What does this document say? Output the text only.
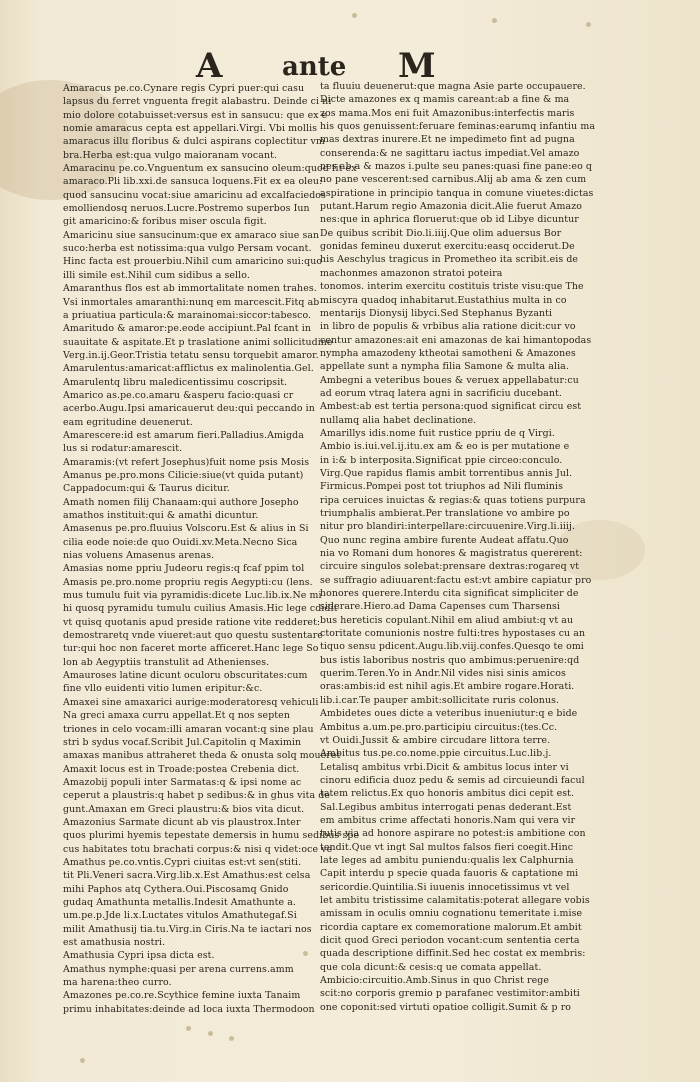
A ante M
Amaracus pe.co.Cynare regis Cypri puer:qui casu
lapsus du ferret vnguenta fregit alabastru. Deinde ci ni
mio dolore cotabuisset:versus est in sansucu: que ex e
nomie amaracus cepta est appellari.Virgi. Vbi mollis
amaracus illu floribus & dulci aspirans coplectitur vm
bra.Herba est:qua vulgo maioranam vocant.
Amaracinu pe.co.Vnguentum ex sansucino oleum:quod fit ex
amaraco.Pli lib.xxi.de sansuca loquens.Fit ex ea oleu:
quod sansucinu vocat:siue amaricinu ad excalfaciedos
emolliendosq neruos.Lucre.Postremo superbos Iun
git amaricino:& foribus miser oscula figit.
Amaricinu siue sansucinum:que ex amaraco siue san
suco:herba est notissima:qua vulgo Persam vocant.
Hinc facta est prouerbiu.Nihil cum amaricino sui:quo
illi simile est.Nihil cum sidibus a sello.
Amaranthus flos est ab immortalitate nomen trahes.
Vsi inmortales amaranthi:nunq em marcescit.Fitq ab
a priuatiua particula:& marainomai:siccor:tabesco.
Amaritudo & amaror:pe.eode accipiunt.Pal fcant in
suauitate & aspitate.Et p traslatione animi sollicitudine
Verg.in.ij.Geor.Tristia tetatu sensu torquebit amaror.
Amarulentus:amaricat:afflictus ex malinolentia.Gel.
Amarulentq libru maledicentissimu coscripsit.
Amarico as.pe.co.amaru &asperu facio:quasi cr
acerbo.Augu.Ipsi amaricauerut deu:qui peccando in
eam egritudine deuenerut.
Amarescere:id est amarum fieri.Palladius.Amigda
lus si rodatur:amarescit.
Amaramis:(vt refert Josephus)fuit nome psis Mosis
Amanus pe.pro.mons Cilicie:siue(vt quida putant)
Cappadocum:qui & Taurus dicitur.
Amath nomen filij Chanaam:qui authore Josepho
amathos instituit:qui & amathi dicuntur.
Amasenus pe.pro.fluuius Volscoru.Est & alius in Si
cilia eode noie:de quo Ouidi.xv.Meta.Necno Sica
nias voluens Amasenus arenas.
Amasias nome ppriu Judeoru regis:q fcaf ppim tol
Amasis pe.pro.nome propriu regis Aegypti:cu (lens.
mus tumulu fuit via pyramidis:dicete Luc.lib.ix.Ne mi
hi quosq pyramidu tumulu cuilius Amasis.Hic lege cdidit
vt quisq quotanis apud preside ratione vite redderet:
demostraretq vnde viueret:aut quo questu sustentare
tur:qui hoc non faceret morte afficeret.Hanc lege So
lon ab Aegyptiis transtulit ad Athenienses.
Amauroses latine dicunt oculoru obscuritates:cum
fine vllo euidenti vitio lumen eripitur:&c.
Amaxei sine amaxarici aurige:moderatoresq vehiculi
Na greci amaxa curru appellat.Et q nos septen
triones in celo vocam:illi amaran vocant:q sine plau
stri b sydus vocaf.Scribit Jul.Capitolin q Maximin
amaxas manibus attraheret theda & onusta solq moueret
Amaxit locus est in Troade:postea Crebenia dict.
Amazobij populi inter Sarmatas:q & ipsi nome ac
ceperut a plaustris:q habet p sedibus:& in ghus vita de
gunt.Amaxan em Greci plaustru:& bios vita dicut.
Amazonius Sarmate dicunt ab vis plaustrox.Inter
quos plurimi hyemis tepestate demersis in humu sedibus spe
cus habitates totu brachati corpus:& nisi q videt:oce ve
Amathus pe.co.vntis.Cypri ciuitas est:vt sen(stiti.
tit Pli.Veneri sacra.Virg.lib.x.Est Amathus:est celsa
mihi Paphos atq Cythera.Oui.Piscosamq Gnido
gudaq Amathunta metallis.Indesit Amathunte a.
um.pe.p.Jde li.x.Luctates vitulos Amathutegaf.Si
milit Amathusij tia.tu.Virg.in Ciris.Na te iactari nos
est amathusia nostri.
Amathusia Cypri ipsa dicta est.
Amathus nymphe:quasi per arena currens.amm
ma harena:theo curro.
Amazones pe.co.re.Scythice femine iuxta Tanaim
primu inhabitates:deinde ad loca iuxta Thermodoon
ta fluuiu deuenerut:que magna Asie parte occupauere.
Dicte amazones ex q mamis careant:ab a fine & ma
zos mama.Mos eni fuit Amazonibus:interfectis maris
his quos genuissent:feruare feminas:earumq infantiu ma
mas dextras inurere.Et ne impedimeto fint ad pugna
conserenda:& ne sagittaru iactus impediat.Vel amazo
nes ab a & mazos i.pulte seu panes:quasi fine pane:eo q
no pane vescerent:sed carnibus.Alij ab ama & zen cum
aspiratione in principio tanqua in comune viuetes:dictas
putant.Harum regio Amazonia dicit.Alie fuerut Amazo
nes:que in aphrica floruerut:que ob id Libye dicuntur
De quibus scribit Dio.li.iiij.Que olim aduersus Bor
gonidas femineu duxerut exercitu:easq occiderut.De
his Aeschylus tragicus in Prometheo ita scribit.eis de
machonmes amazonon stratoi poteira
tonomos. interim exercitu costituis triste visu:que The
miscyra quadoq inhabitarut.Eustathius multa in co
mentarijs Dionysij libyci.Sed Stephanus Byzanti
in libro de populis & vrbibus alia ratione dicit:cur vo
centur amazones:ait eni amazonas de kai himantopodas
nympha amazodeny ktheotai samotheni & Amazones
appellate sunt a nympha filia Samone & multa alia.
Ambegni a veteribus boues & veruex appellabatur:cu
ad eorum vtraq latera agni in sacrificiu ducebant.
Ambest:ab est tertia persona:quod significat circu est
nullamq alia habet declinatione.
Amarillys idis.nome fuit rustice ppriu de q Virgi.
Ambio is.iui.vel.ij.itu.ex am & eo is per mutatione e
in i:& b interposita.Significat ppie circeo:conculo.
Virg.Que rapidus flamis ambit torrentibus annis Jul.
Firmicus.Pompei post tot triuphos ad Nili fluminis
ripa ceruices inuictas & regias:& quas totiens purpura
triumphalis ambierat.Per translatione vo ambire po
nitur pro blandiri:interpellare:circuuenire.Virg.li.iiij.
Quo nunc regina ambire furente Audeat affatu.Quo
nia vo Romani dum honores & magistratus quererent:
circuire singulos solebat:prensare dextras:rogareq vt
se suffragio adiuuarent:factu est:vt ambire capiatur pro
honores querere.Interdu cita significat simpliciter de
siderare.Hiero.ad Dama Capenses cum Tharsensi
bus hereticis copulant.Nihil em aliud ambiut:q vt au
ctoritate comunionis nostre fulti:tres hypostases cu an
tiquo sensu pdicent.Augu.lib.viij.confes.Quesqo te omi
bus istis laboribus nostris quo ambimus:peruenire:qd
querim.Teren.Yo in Andr.Nil vides nisi sinis amicos
oras:ambis:id est nihil agis.Et ambire rogare.Horati.
lib.i.car.Te pauper ambit:sollicitate ruris colonus.
Ambidetes oues dicte a veteribus inueniutur:q e bide
Ambitus a.um.pe.pro.participiu circuitus:(tes.Cc.
vt Ouidi.Jussit & ambire circudare littora terre.
Ambitus tus.pe.co.nome.ppie circuitus.Luc.lib.j.
Letalisq ambitus vrbi.Dicit & ambitus locus inter vi
cinoru edificia duoz pedu & semis ad circuieundi facul
tatem relictus.Ex quo honoris ambitus dici cepit est.
Sal.Legibus ambitus interrogati penas dederant.Est
em ambitus crime affectati honoris.Nam qui vera vir
tutis via ad honore aspirare no potest:is ambitione con
tendit.Que vt ingt Sal multos falsos fieri coegit.Hinc
late leges ad ambitu puniendu:qualis lex Calphurnia
Capit interdu p specie quada fauoris & captatione mi
sericordie.Quintilia.Si iuuenis innocetissimus vt vel
let ambitu tristissime calamitatis:poterat allegare vobis
amissam in oculis omniu cognationu temeritate i.mise
ricordia captare ex comemoratione malorum.Et ambit
dicit quod Greci periodon vocant:cum sententia certa
quada descriptione diffinit.Sed hec costat ex membris:
que cola dicunt:& cesis:q ue comata appellat.
Ambicio:circuitio.Amb.Sinus in quo Christ rege
scit:no corporis gremio p parafanec vestimitor:ambiti
one coponit:sed virtuti opatioe colligit.Sumit & p ro
